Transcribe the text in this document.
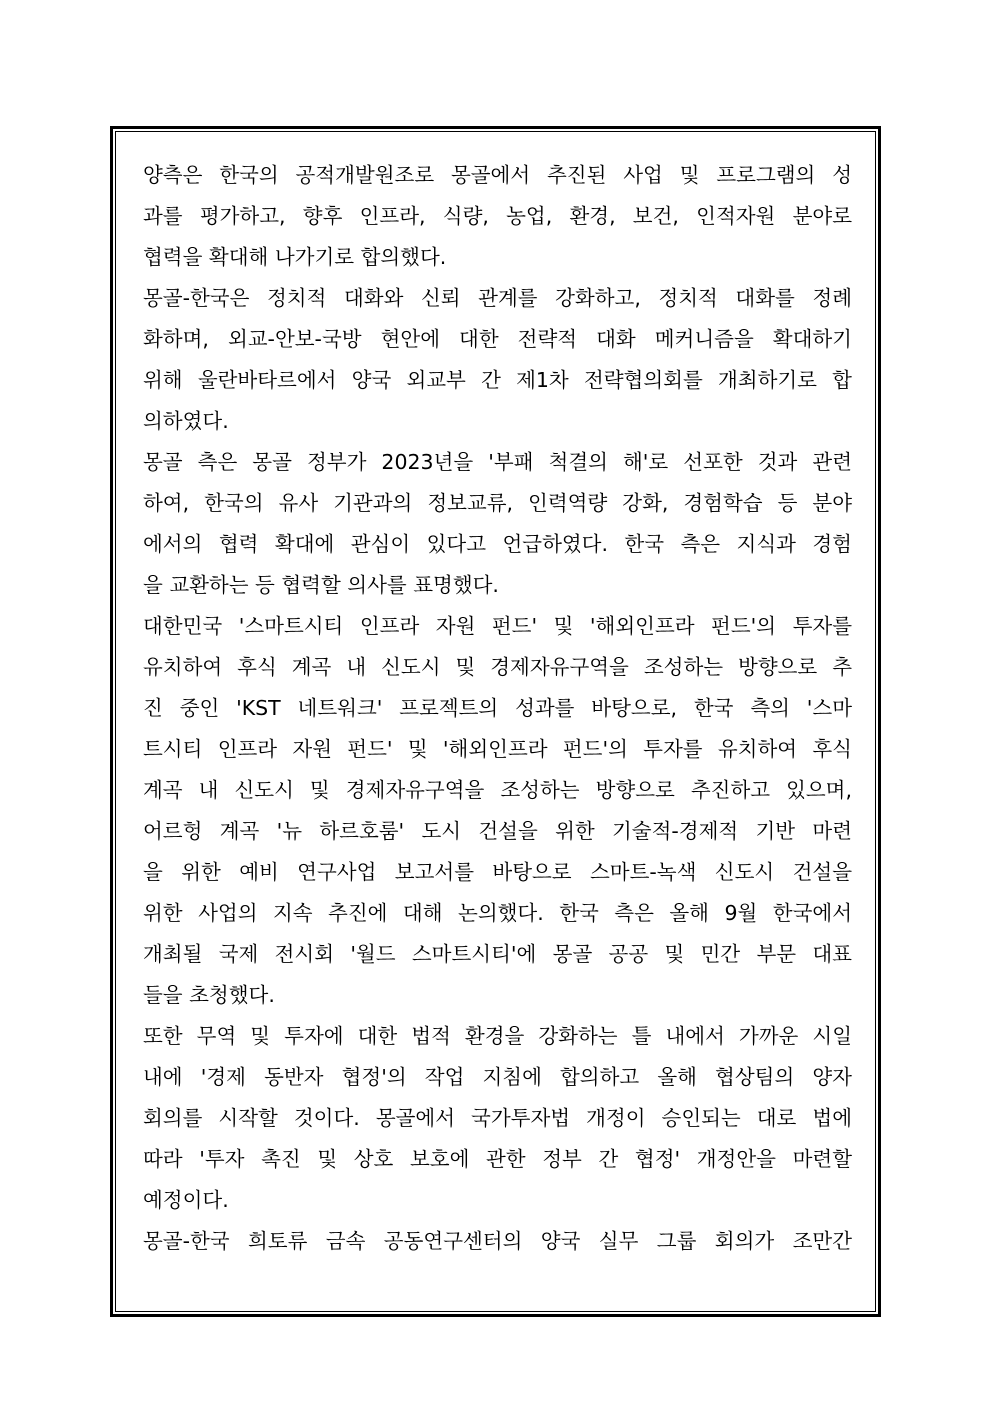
양측은 한국의 공적개발원조로 몽골에서 추진된 사업 및 프로그램의 성
과를 평가하고, 향후 인프라, 식량, 농업, 환경, 보건, 인적자원 분야로
협력을 확대해 나가기로 합의했다.
몽골-한국은 정치적 대화와 신뢰 관계를 강화하고, 정치적 대화를 정례
화하며, 외교-안보-국방 현안에 대한 전략적 대화 메커니즘을 확대하기
위해 울란바타르에서 양국 외교부 간 제1차 전략협의회를 개최하기로 합
의하였다.
몽골 측은 몽골 정부가 2023년을 '부패 척결의 해'로 선포한 것과 관련
하여, 한국의 유사 기관과의 정보교류, 인력역량 강화, 경험학습 등 분야
에서의 협력 확대에 관심이 있다고 언급하였다. 한국 측은 지식과 경험
을 교환하는 등 협력할 의사를 표명했다.
대한민국 '스마트시티 인프라 자원 펀드' 및 '해외인프라 펀드'의 투자를
유치하여 후식 계곡 내 신도시 및 경제자유구역을 조성하는 방향으로 추
진 중인 'KST 네트워크' 프로젝트의 성과를 바탕으로, 한국 측의 '스마
트시티 인프라 자원 펀드' 및 '해외인프라 펀드'의 투자를 유치하여 후식
계곡 내 신도시 및 경제자유구역을 조성하는 방향으로 추진하고 있으며,
어르헝 계곡 '뉴 하르호룸' 도시 건설을 위한 기술적-경제적 기반 마련
을 위한 예비 연구사업 보고서를 바탕으로 스마트-녹색 신도시 건설을
위한 사업의 지속 추진에 대해 논의했다. 한국 측은 올해 9월 한국에서
개최될 국제 전시회 '월드 스마트시티'에 몽골 공공 및 민간 부문 대표
들을 초청했다.
또한 무역 및 투자에 대한 법적 환경을 강화하는 틀 내에서 가까운 시일
내에 '경제 동반자 협정'의 작업 지침에 합의하고 올해 협상팀의 양자
회의를 시작할 것이다. 몽골에서 국가투자법 개정이 승인되는 대로 법에
따라 '투자 촉진 및 상호 보호에 관한 정부 간 협정' 개정안을 마련할
예정이다.
몽골-한국 희토류 금속 공동연구센터의 양국 실무 그룹 회의가 조만간
